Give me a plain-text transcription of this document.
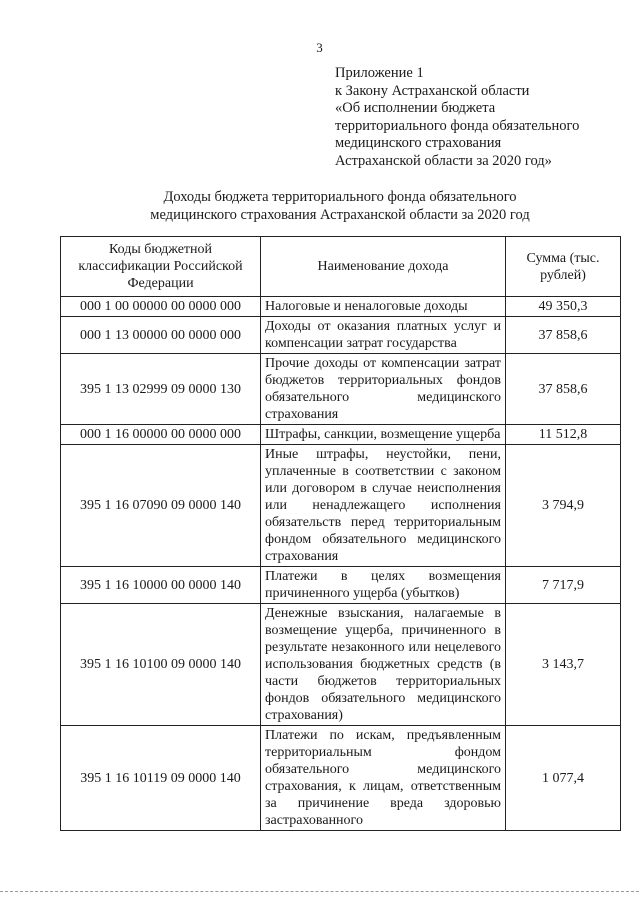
3
Приложение 1
к Закону Астраханской области
«Об исполнении бюджета
территориального фонда обязательного
медицинского страхования
Астраханской области за 2020 год»
Доходы бюджета территориального фонда обязательного
медицинского страхования Астраханской области за 2020 год
Коды бюджетной классификации Российской Федерации	Наименование дохода	Сумма (тыс. рублей)
000 1 00 00000 00 0000 000	Налоговые и неналоговые доходы	49 350,3
000 1 13 00000 00 0000 000	Доходы от оказания платных услуг и компенсации затрат государства	37 858,6
395 1 13 02999 09 0000 130	Прочие доходы от компенсации затрат бюджетов территориальных фондов обязательного медицинского страхования	37 858,6
000 1 16 00000 00 0000 000	Штрафы, санкции, возмещение ущерба	11 512,8
395 1 16 07090 09 0000 140	Иные штрафы, неустойки, пени, уплаченные в соответствии с законом или договором в случае неисполнения или ненадлежащего исполнения обязательств перед территориальным фондом обязательного медицинского страхования	3 794,9
395 1 16 10000 00 0000 140	Платежи в целях возмещения причиненного ущерба (убытков)	7 717,9
395 1 16 10100 09 0000 140	Денежные взыскания, налагаемые в возмещение ущерба, причиненного в результате незаконного или нецелевого использования бюджетных средств (в части бюджетов территориальных фондов обязательного медицинского страхования)	3 143,7
395 1 16 10119 09 0000 140	Платежи по искам, предъявленным территориальным фондом обязательного медицинского страхования, к лицам, ответственным за причинение вреда здоровью застрахованного	1 077,4
